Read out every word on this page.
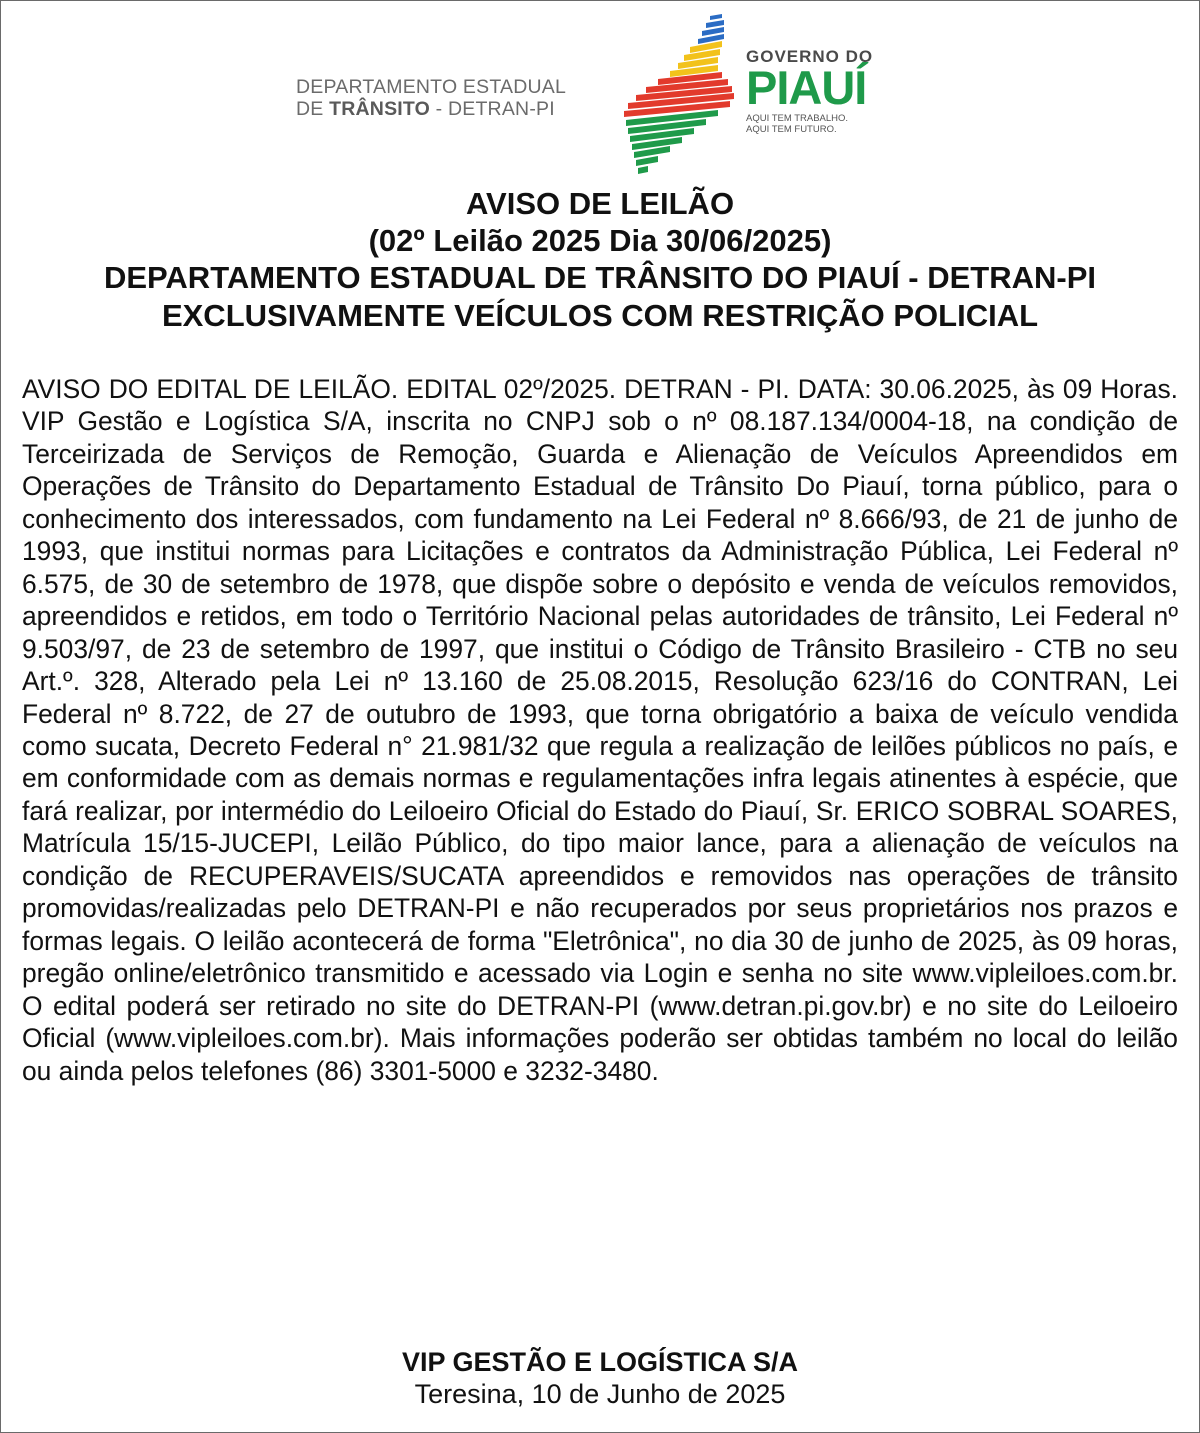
DEPARTAMENTO ESTADUAL
DE TRÂNSITO - DETRAN-PI
GOVERNO DO
PIAUÍ
AQUI TEM TRABALHO.
AQUI TEM FUTURO.
AVISO DE LEILÃO
(02º Leilão 2025 Dia 30/06/2025)
DEPARTAMENTO ESTADUAL DE TRÂNSITO DO PIAUÍ - DETRAN-PI
EXCLUSIVAMENTE VEÍCULOS COM RESTRIÇÃO POLICIAL

AVISO DO EDITAL DE LEILÃO. EDITAL 02º/2025. DETRAN - PI. DATA: 30.06.2025, às 09 Horas. VIP Gestão e Logística S/A, inscrita no CNPJ sob o nº 08.187.134/0004-18, na condição de Terceirizada de Serviços de Remoção, Guarda e Alienação de Veículos Apreendidos em Operações de Trânsito do Departamento Estadual de Trânsito Do Piauí, torna público, para o conhecimento dos interessados, com fundamento na Lei Federal nº 8.666/93, de 21 de junho de 1993, que institui normas para Licitações e contratos da Administração Pública, Lei Federal nº 6.575, de 30 de setembro de 1978, que dispõe sobre o depósito e venda de veículos removidos, apreendidos e retidos, em todo o Território Nacional pelas autoridades de trânsito, Lei Federal nº 9.503/97, de 23 de setembro de 1997, que institui o Código de Trânsito Brasileiro - CTB no seu Art.º. 328, Alterado pela Lei nº 13.160 de 25.08.2015, Resolução 623/16 do CONTRAN, Lei Federal nº 8.722, de 27 de outubro de 1993, que torna obrigatório a baixa de veículo vendida como sucata, Decreto Federal n° 21.981/32 que regula a realização de leilões públicos no país, e em conformidade com as demais normas e regulamentações infra legais atinentes à espécie, que fará realizar, por intermédio do Leiloeiro Oficial do Estado do Piauí, Sr. ERICO SOBRAL SOARES, Matrícula 15/15-JUCEPI, Leilão Público, do tipo maior lance, para a alienação de veículos na condição de RECUPERAVEIS/SUCATA apreendidos e removidos nas operações de trânsito promovidas/realizadas pelo DETRAN-PI e não recuperados por seus proprietários nos prazos e formas legais. O leilão acontecerá de forma "Eletrônica", no dia 30 de junho de 2025, às 09 horas, pregão online/eletrônico transmitido e acessado via Login e senha no site www.vipleiloes.com.br. O edital poderá ser retirado no site do DETRAN-PI (www.detran.pi.gov.br) e no site do Leiloeiro Oficial (www.vipleiloes.com.br). Mais informações poderão ser obtidas também no local do leilão ou ainda pelos telefones (86) 3301-5000 e 3232-3480.

VIP GESTÃO E LOGÍSTICA S/A
Teresina, 10 de Junho de 2025
